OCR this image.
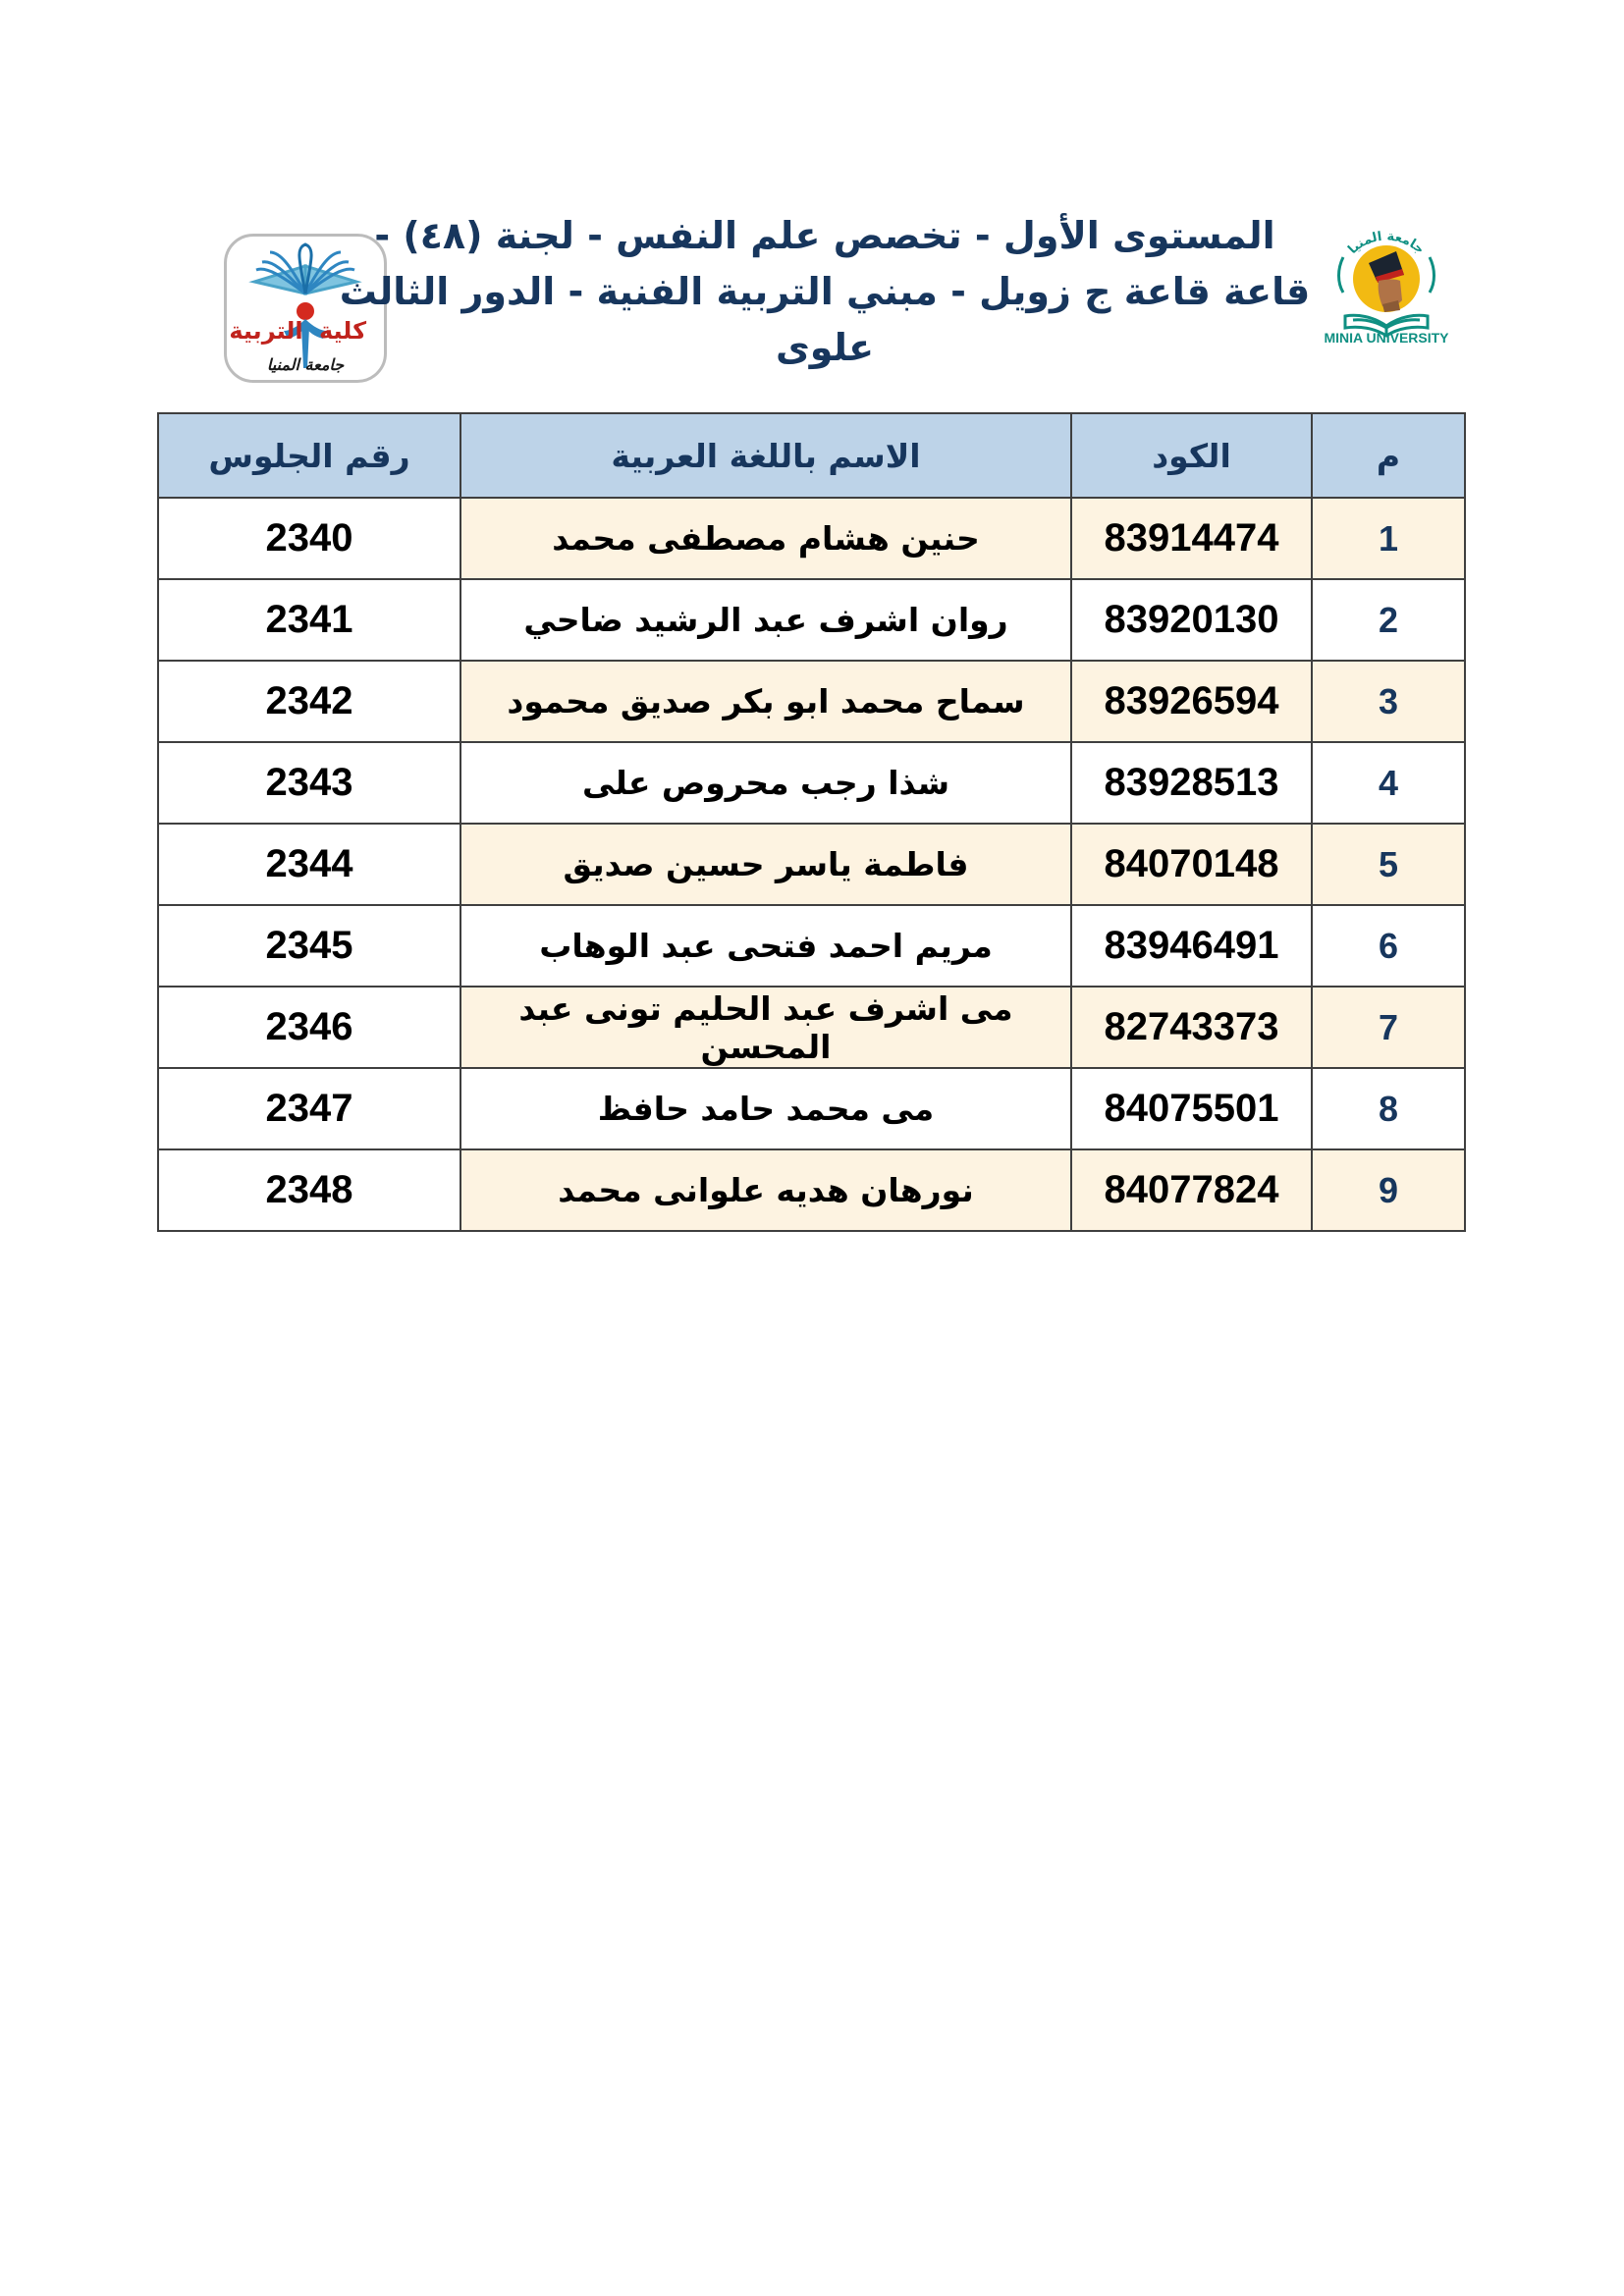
كلية
التربية
جامعة المنيا
المستوى الأول - تخصص علم النفس - لجنة (٤٨) -
قاعة قاعة ج زويل - مبني التربية الفنية - الدور الثالث
علوى
جامعة المنيا
MINIA UNIVERSITY
م	الكود	الاسم باللغة العربية	رقم الجلوس
1	83914474	حنين هشام مصطفى محمد	2340
2	83920130	روان اشرف عبد الرشيد ضاحي	2341
3	83926594	سماح محمد ابو بكر صديق محمود	2342
4	83928513	شذا رجب محروص على	2343
5	84070148	فاطمة ياسر حسين صديق	2344
6	83946491	مريم احمد فتحى عبد الوهاب	2345
7	82743373	مى اشرف عبد الحليم تونى عبد المحسن	2346
8	84075501	مى محمد حامد حافظ	2347
9	84077824	نورهان هديه علوانى محمد	2348
